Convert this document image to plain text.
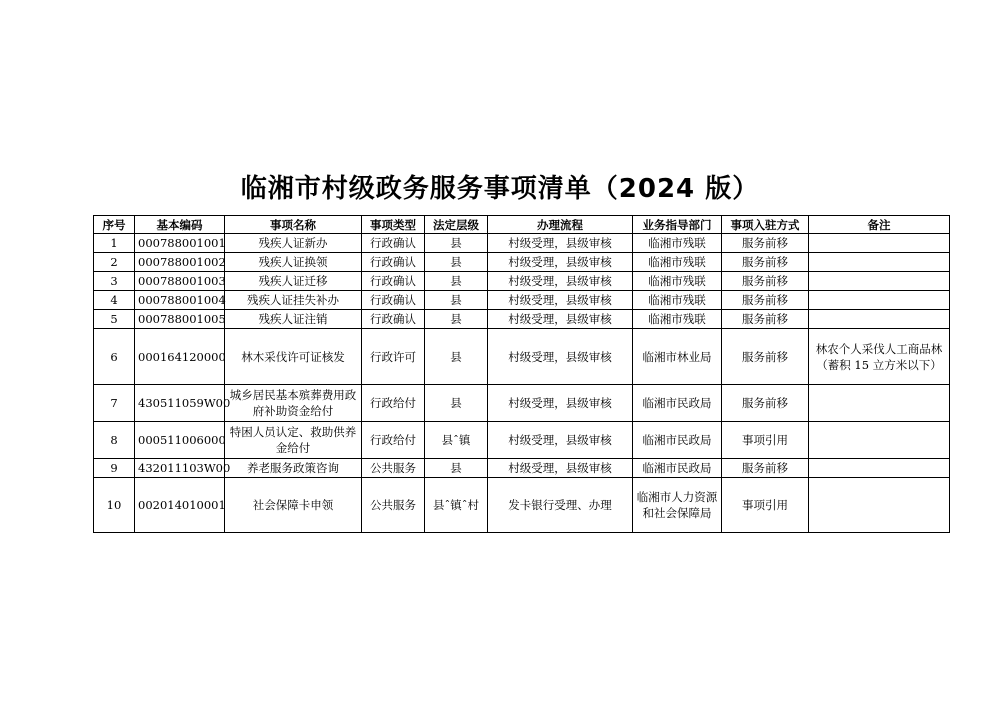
临湘市村级政务服务事项清单（2024 版）
序号	基本编码	事项名称	事项类型	法定层级	办理流程	业务指导部门	事项入驻方式	备注
1	000788001001	残疾人证新办	行政确认	县	村级受理，县级审核	临湘市残联	服务前移	
2	000788001002	残疾人证换领	行政确认	县	村级受理，县级审核	临湘市残联	服务前移	
3	000788001003	残疾人证迁移	行政确认	县	村级受理，县级审核	临湘市残联	服务前移	
4	000788001004	残疾人证挂失补办	行政确认	县	村级受理，县级审核	临湘市残联	服务前移	
5	000788001005	残疾人证注销	行政确认	县	村级受理，县级审核	临湘市残联	服务前移	
6	000164120000	林木采伐许可证核发	行政许可	县	村级受理，县级审核	临湘市林业局	服务前移	林农个人采伐人工商品林（蓄积 15 立方米以下）
7	430511059W00	城乡居民基本殡葬费用政府补助资金给付	行政给付	县	村级受理，县级审核	临湘市民政局	服务前移	
8	000511006000	特困人员认定、救助供养金给付	行政给付	县ˆ镇	村级受理，县级审核	临湘市民政局	事项引用	
9	432011103W00	养老服务政策咨询	公共服务	县	村级受理，县级审核	临湘市民政局	服务前移	
10	002014010001	社会保障卡申领	公共服务	县ˆ镇ˆ村	发卡银行受理、办理	临湘市人力资源和社会保障局	事项引用	
